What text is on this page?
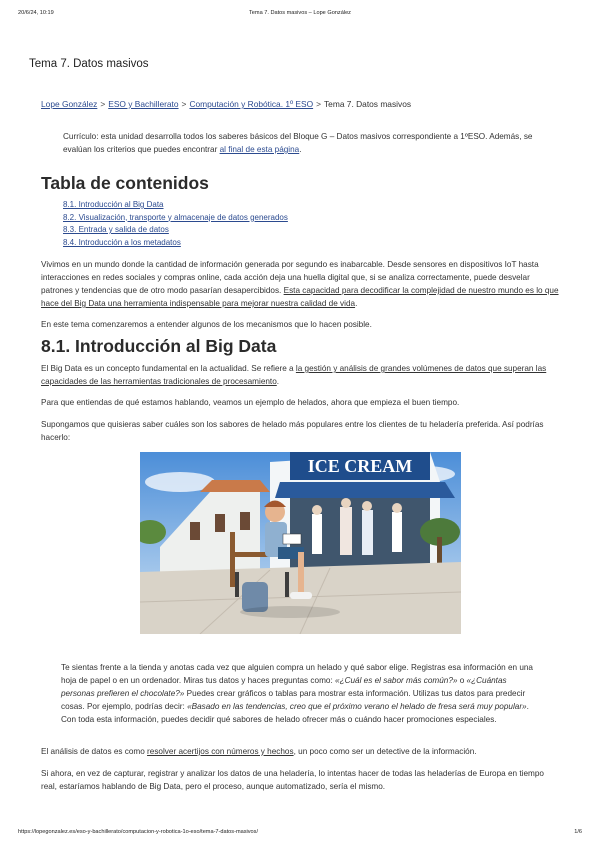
20/6/24, 10:19	Tema 7. Datos masivos – Lope González
Tema 7. Datos masivos
Lope González > ESO y Bachillerato > Computación y Robótica. 1º ESO > Tema 7. Datos masivos

Currículo: esta unidad desarrolla todos los saberes básicos del Bloque G – Datos masivos correspondiente a 1ºESO. Además, se evalúan los criterios que puedes encontrar al final de esta página.

Tabla de contenidos
8.1. Introducción al Big Data
8.2. Visualización, transporte y almacenaje de datos generados
8.3. Entrada y salida de datos
8.4. Introducción a los metadatos

Vivimos en un mundo donde la cantidad de información generada por segundo es inabarcable. Desde sensores en dispositivos IoT hasta interacciones en redes sociales y compras online, cada acción deja una huella digital que, si se analiza correctamente, puede desvelar patrones y tendencias que de otro modo pasarían desapercibidos. Esta capacidad para decodificar la complejidad de nuestro mundo es lo que hace del Big Data una herramienta indispensable para mejorar nuestra calidad de vida.

En este tema comenzaremos a entender algunos de los mecanismos que lo hacen posible.

8.1. Introducción al Big Data

El Big Data es un concepto fundamental en la actualidad. Se refiere a la gestión y análisis de grandes volúmenes de datos que superan las capacidades de las herramientas tradicionales de procesamiento.

Para que entiendas de qué estamos hablando, veamos un ejemplo de helados, ahora que empieza el buen tiempo.

Supongamos que quisieras saber cuáles son los sabores de helado más populares entre los clientes de tu heladería preferida. Así podrías hacerlo:

ICE CREAM

Te sientas frente a la tienda y anotas cada vez que alguien compra un helado y qué sabor elige. Registras esa información en una hoja de papel o en un ordenador. Miras tus datos y haces preguntas como: «¿Cuál es el sabor más común?» o «¿Cuántas personas prefieren el chocolate?» Puedes crear gráficos o tablas para mostrar esta información. Utilizas tus datos para predecir cosas. Por ejemplo, podrías decir: «Basado en las tendencias, creo que el próximo verano el helado de fresa será muy popular». Con toda esta información, puedes decidir qué sabores de helado ofrecer más o cuándo hacer promociones especiales.

El análisis de datos es como resolver acertijos con números y hechos, un poco como ser un detective de la información.

Si ahora, en vez de capturar, registrar y analizar los datos de una heladería, lo intentas hacer de todas las heladerías de Europa en tiempo real, estaríamos hablando de Big Data, pero el proceso, aunque automatizado, sería el mismo.

https://lopegonzalez.es/eso-y-bachillerato/computacion-y-robotica-1o-eso/tema-7-datos-masivos/	1/6
